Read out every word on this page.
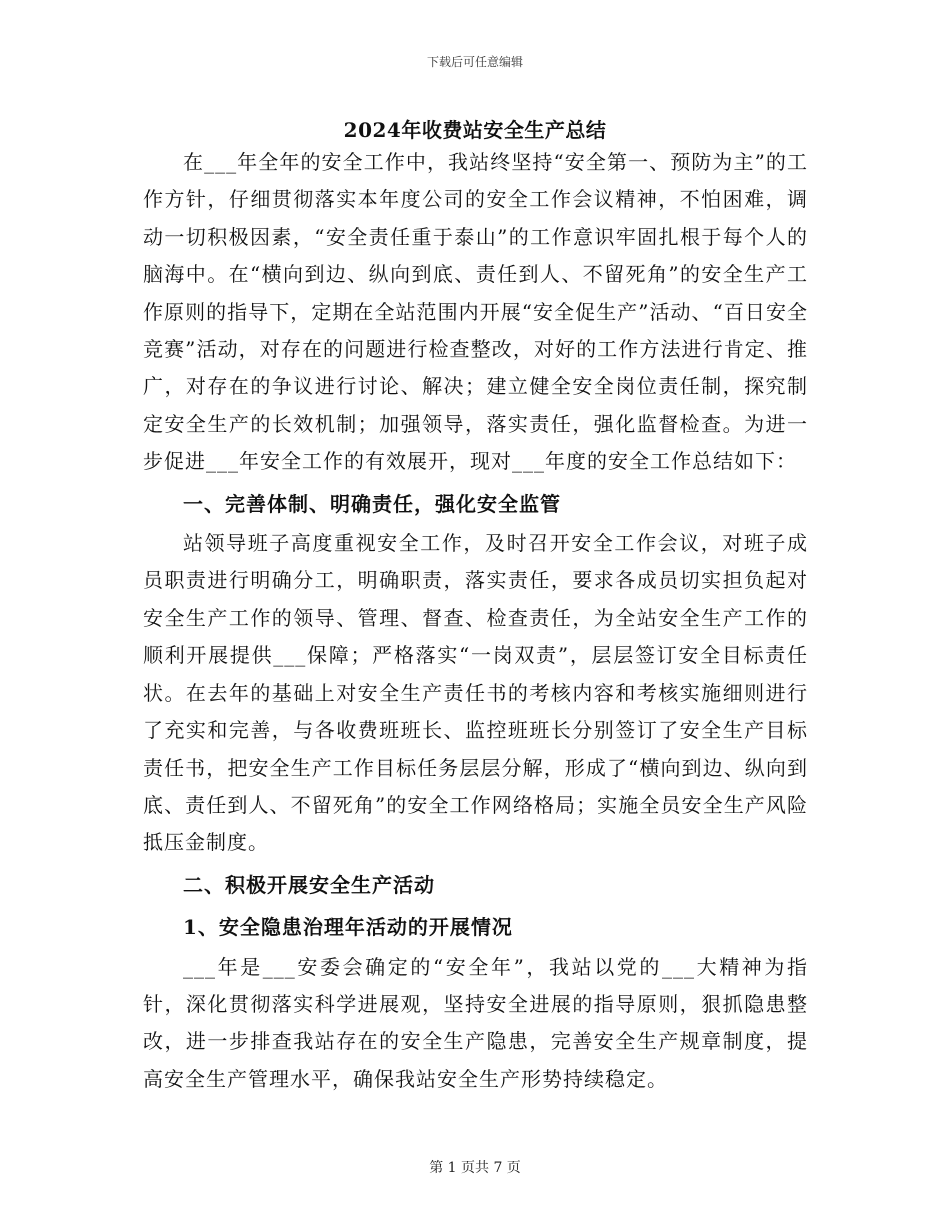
下载后可任意编辑
2024年收费站安全生产总结

在___年全年的安全工作中，我站终坚持“安全第一、预防为主”的工作方针，仔细贯彻落实本年度公司的安全工作会议精神，不怕困难，调动一切积极因素，“安全责任重于泰山”的工作意识牢固扎根于每个人的脑海中。在“横向到边、纵向到底、责任到人、不留死角”的安全生产工作原则的指导下，定期在全站范围内开展“安全促生产”活动、“百日安全竞赛”活动，对存在的问题进行检查整改，对好的工作方法进行肯定、推广，对存在的争议进行讨论、解决；建立健全安全岗位责任制，探究制定安全生产的长效机制；加强领导，落实责任，强化监督检查。为进一步促进___年安全工作的有效展开，现对___年度的安全工作总结如下：

一、完善体制、明确责任，强化安全监管

站领导班子高度重视安全工作，及时召开安全工作会议，对班子成员职责进行明确分工，明确职责，落实责任，要求各成员切实担负起对安全生产工作的领导、管理、督查、检查责任，为全站安全生产工作的顺利开展提供___保障；严格落实“一岗双责”，层层签订安全目标责任状。在去年的基础上对安全生产责任书的考核内容和考核实施细则进行了充实和完善，与各收费班班长、监控班班长分别签订了安全生产目标责任书，把安全生产工作目标任务层层分解，形成了“横向到边、纵向到底、责任到人、不留死角”的安全工作网络格局；实施全员安全生产风险抵压金制度。

二、积极开展安全生产活动

1、安全隐患治理年活动的开展情况

___年是___安委会确定的“安全年”，我站以党的___大精神为指针，深化贯彻落实科学进展观，坚持安全进展的指导原则，狠抓隐患整改，进一步排查我站存在的安全生产隐患，完善安全生产规章制度，提高安全生产管理水平，确保我站安全生产形势持续稳定。

第 1 页共 7 页
